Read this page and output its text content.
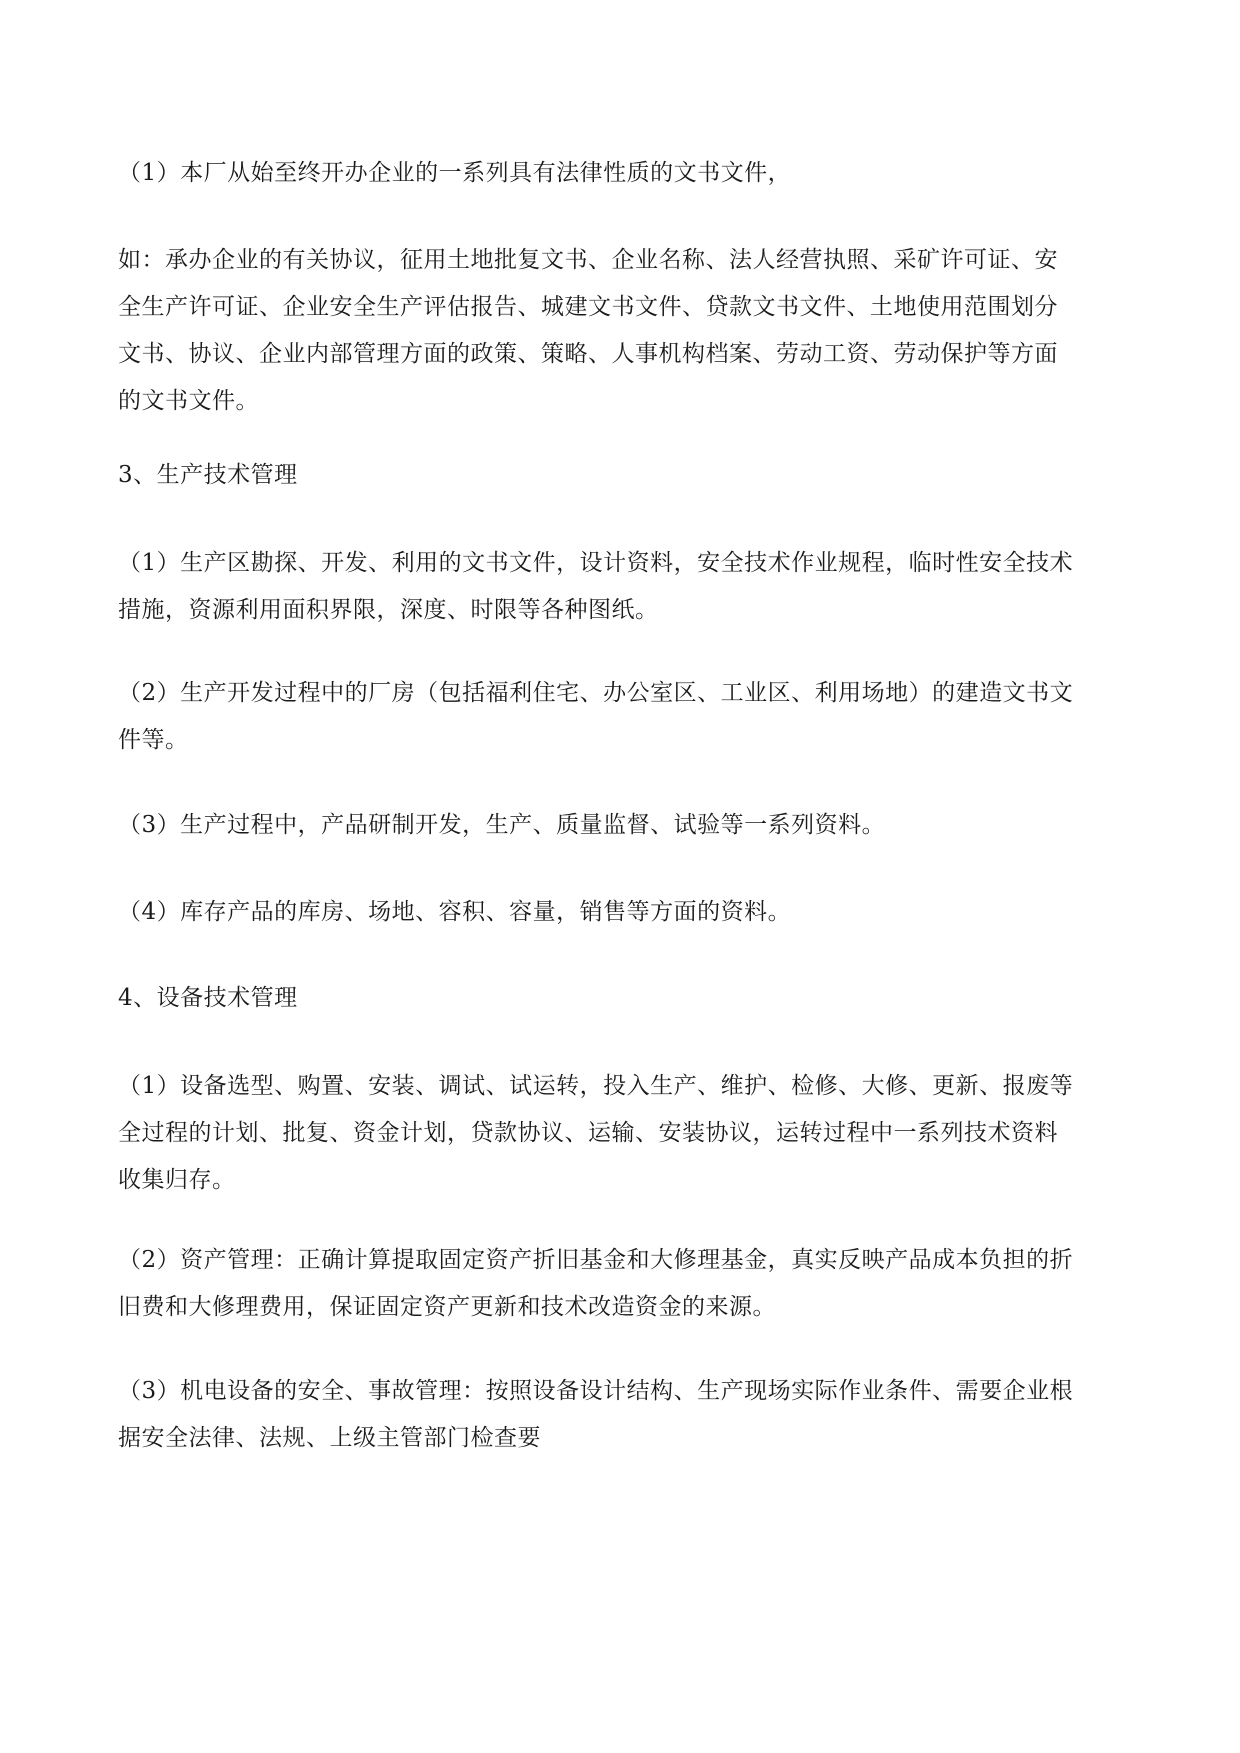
（1）本厂从始至终开办企业的一系列具有法律性质的文书文件，

如：承办企业的有关协议，征用土地批复文书、企业名称、法人经营执照、采矿许可证、安
全生产许可证、企业安全生产评估报告、城建文书文件、贷款文书文件、土地使用范围划分
文书、协议、企业内部管理方面的政策、策略、人事机构档案、劳动工资、劳动保护等方面
的文书文件。

3、生产技术管理

（1）生产区勘探、开发、利用的文书文件，设计资料，安全技术作业规程，临时性安全技术
措施，资源利用面积界限，深度、时限等各种图纸。

（2）生产开发过程中的厂房（包括福利住宅、办公室区、工业区、利用场地）的建造文书文
件等。

（3）生产过程中，产品研制开发，生产、质量监督、试验等一系列资料。

（4）库存产品的库房、场地、容积、容量，销售等方面的资料。

4、设备技术管理

（1）设备选型、购置、安装、调试、试运转，投入生产、维护、检修、大修、更新、报废等
全过程的计划、批复、资金计划，贷款协议、运输、安装协议，运转过程中一系列技术资料
收集归存。

（2）资产管理：正确计算提取固定资产折旧基金和大修理基金，真实反映产品成本负担的折
旧费和大修理费用，保证固定资产更新和技术改造资金的来源。

（3）机电设备的安全、事故管理：按照设备设计结构、生产现场实际作业条件、需要企业根
据安全法律、法规、上级主管部门检查要
